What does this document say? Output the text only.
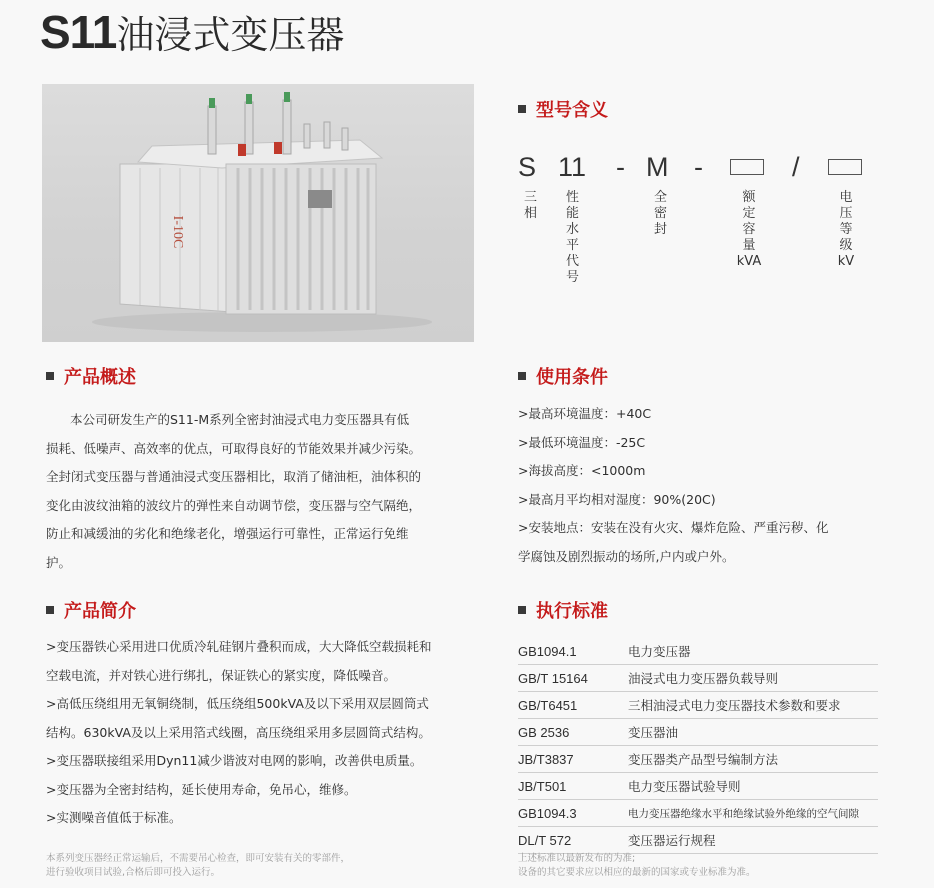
S11油浸式变压器
I-10C
型号含义
S 11 - M -	/
三
相
性
能
水
平
代
号
全
密
封
额
定
容
量
kVA
电
压
等
级
kV
产品概述
本公司研发生产的S11-M系列全密封油浸式电力变压器具有低
损耗、低噪声、高效率的优点，可取得良好的节能效果并减少污染。
全封闭式变压器与普通油浸式变压器相比，取消了储油柜，油体积的
变化由波纹油箱的波纹片的弹性来自动调节偿，变压器与空气隔绝，
防止和减缓油的劣化和绝缘老化，增强运行可靠性，正常运行免维
护。
使用条件
>最高环境温度：+40C
>最低环境温度：-25C
>海拔高度：<1000m
>最高月平均相对湿度：90%(20C)
>安装地点：安装在没有火灾、爆炸危险、严重污秽、化
学腐蚀及剧烈振动的场所,户内或户外。
产品简介
>变压器铁心采用进口优质冷轧硅钢片叠积而成，大大降低空载损耗和
空载电流，并对铁心进行绑扎，保证铁心的紧实度，降低噪音。
>高低压绕组用无氧铜绕制，低压绕组500kVA及以下采用双层圆筒式
结构。630kVA及以上采用箔式线圈，高压绕组采用多层圆筒式结构。
>变压器联接组采用Dyn11减少谐波对电网的影响，改善供电质量。
>变压器为全密封结构，延长使用寿命，免吊心，维修。
>实测噪音值低于标准。
执行标准
GB1094.1	电力变压器
GB/T 15164	油浸式电力变压器负载导则
GB/T6451	三相油浸式电力变压器技术参数和要求
GB 2536	变压器油
JB/T3837	变压器类产品型号编制方法
JB/T501	电力变压器试验导则
GB1094.3	电力变压器绝缘水平和绝缘试验外绝缘的空气间隙
DL/T 572	变压器运行规程
本系列变压器经正常运输后，不需要吊心检查，即可安装有关的零部件，
进行验收项目试验,合格后即可投入运行。
上述标准以最新发布的为准;
设备的其它要求应以相应的最新的国家或专业标准为准。
